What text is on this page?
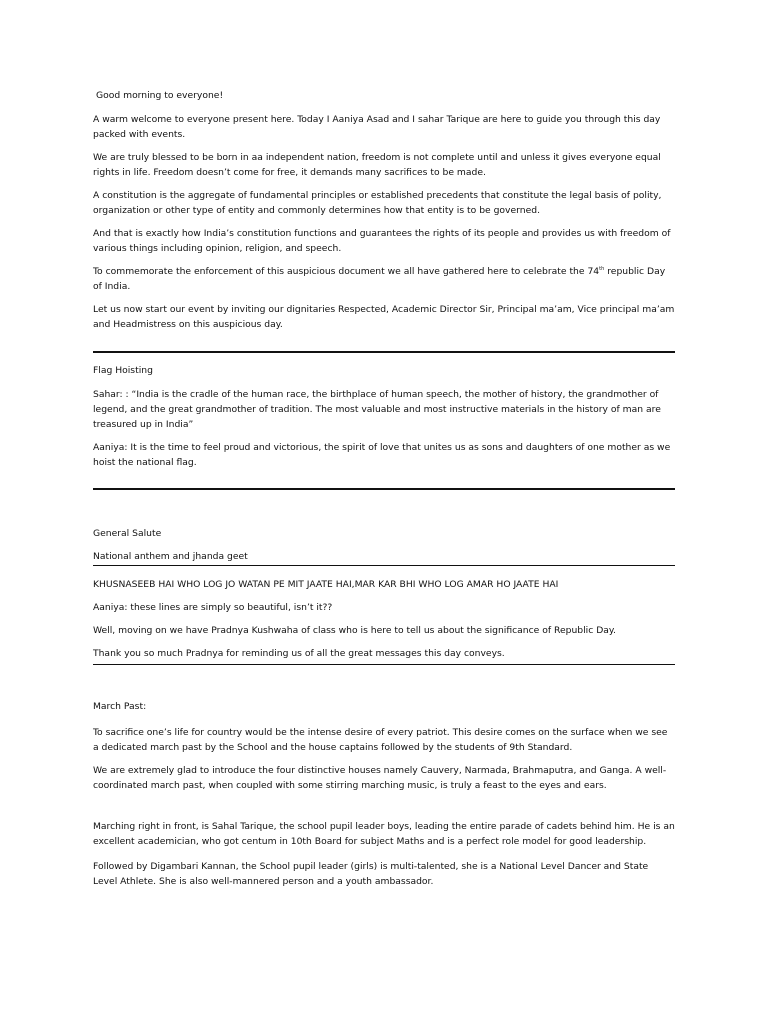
Good morning to everyone!

A warm welcome to everyone present here. Today I Aaniya Asad and I sahar Tarique are here to guide you through this day packed with events.

We are truly blessed to be born in aa independent nation, freedom is not complete until and unless it gives everyone equal rights in life. Freedom doesn’t come for free, it demands many sacrifices to be made.

A constitution is the aggregate of fundamental principles or established precedents that constitute the legal basis of polity, organization or other type of entity and commonly determines how that entity is to be governed.

And that is exactly how India’s constitution functions and guarantees the rights of its people and provides us with freedom of various things including opinion, religion, and speech.

To commemorate the enforcement of this auspicious document we all have gathered here to celebrate the 74th republic Day of India.

Let us now start our event by inviting our dignitaries Respected, Academic Director Sir, Principal ma’am, Vice principal ma’am and Headmistress on this auspicious day.

Flag Hoisting

Sahar: : “India is the cradle of the human race, the birthplace of human speech, the mother of history, the grandmother of legend, and the great grandmother of tradition. The most valuable and most instructive materials in the history of man are treasured up in India”

Aaniya: It is the time to feel proud and victorious, the spirit of love that unites us as sons and daughters of one mother as we hoist the national flag.

General Salute

National anthem and jhanda geet

KHUSNASEEB HAI WHO LOG JO WATAN PE MIT JAATE HAI,MAR KAR BHI WHO LOG AMAR HO JAATE HAI

Aaniya: these lines are simply so beautiful, isn’t it??

Well, moving on we have Pradnya Kushwaha of class who is here to tell us about the significance of Republic Day.

Thank you so much Pradnya for reminding us of all the great messages this day conveys.

March Past:

To sacrifice one’s life for country would be the intense desire of every patriot. This desire comes on the surface when we see a dedicated march past by the School and the house captains followed by the students of 9th Standard.

We are extremely glad to introduce the four distinctive houses namely Cauvery, Narmada, Brahmaputra, and Ganga. A well-coordinated march past, when coupled with some stirring marching music, is truly a feast to the eyes and ears.

Marching right in front, is Sahal Tarique, the school pupil leader boys, leading the entire parade of cadets behind him. He is an excellent academician, who got centum in 10th Board for subject Maths and is a perfect role model for good leadership.

Followed by Digambari Kannan, the School pupil leader (girls) is multi-talented, she is a National Level Dancer and State Level Athlete. She is also well-mannered person and a youth ambassador.
